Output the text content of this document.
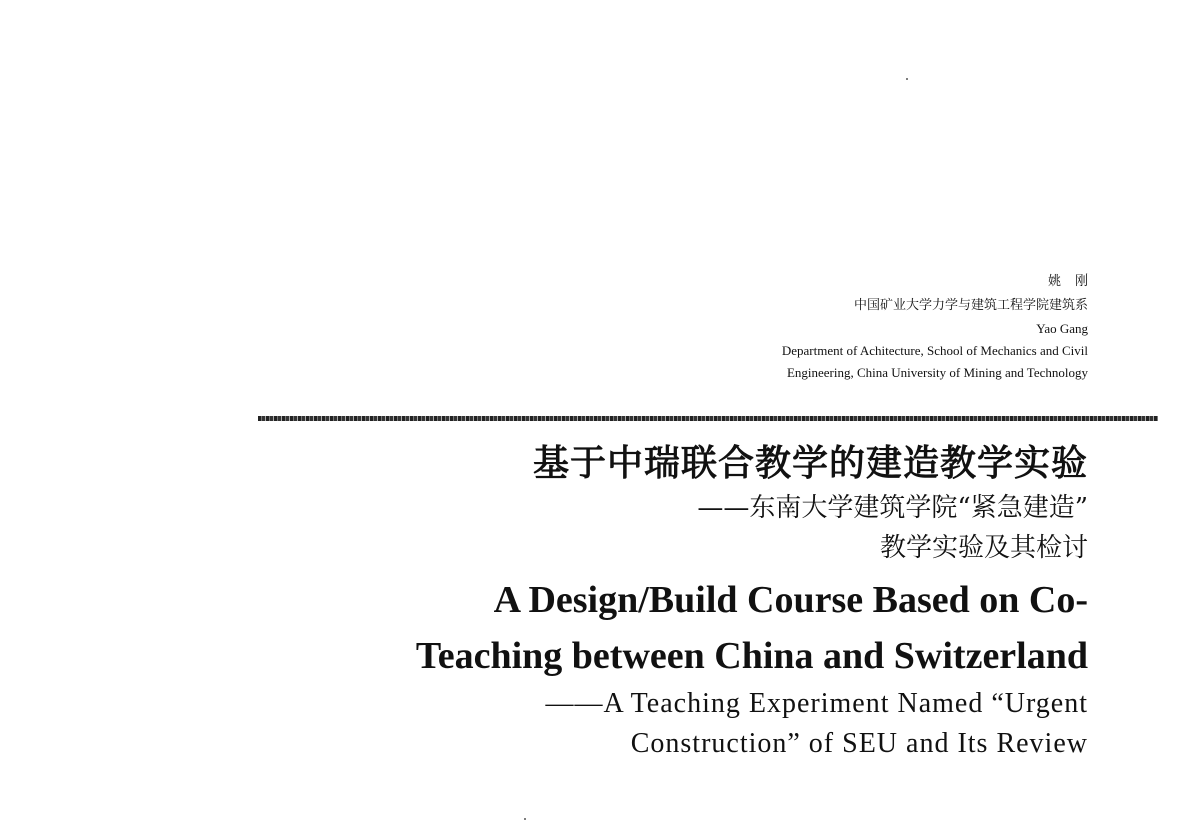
姚刚
中国矿业大学力学与建筑工程学院建筑系
Yao Gang
Department of Achitecture, School of Mechanics and Civil
Engineering, China University of Mining and Technology
基于中瑞联合教学的建造教学实验
——东南大学建筑学院“紧急建造”
教学实验及其检讨
A Design/Build Course Based on Co-
Teaching between China and Switzerland
——A Teaching Experiment Named “Urgent
Construction” of SEU and Its Review
